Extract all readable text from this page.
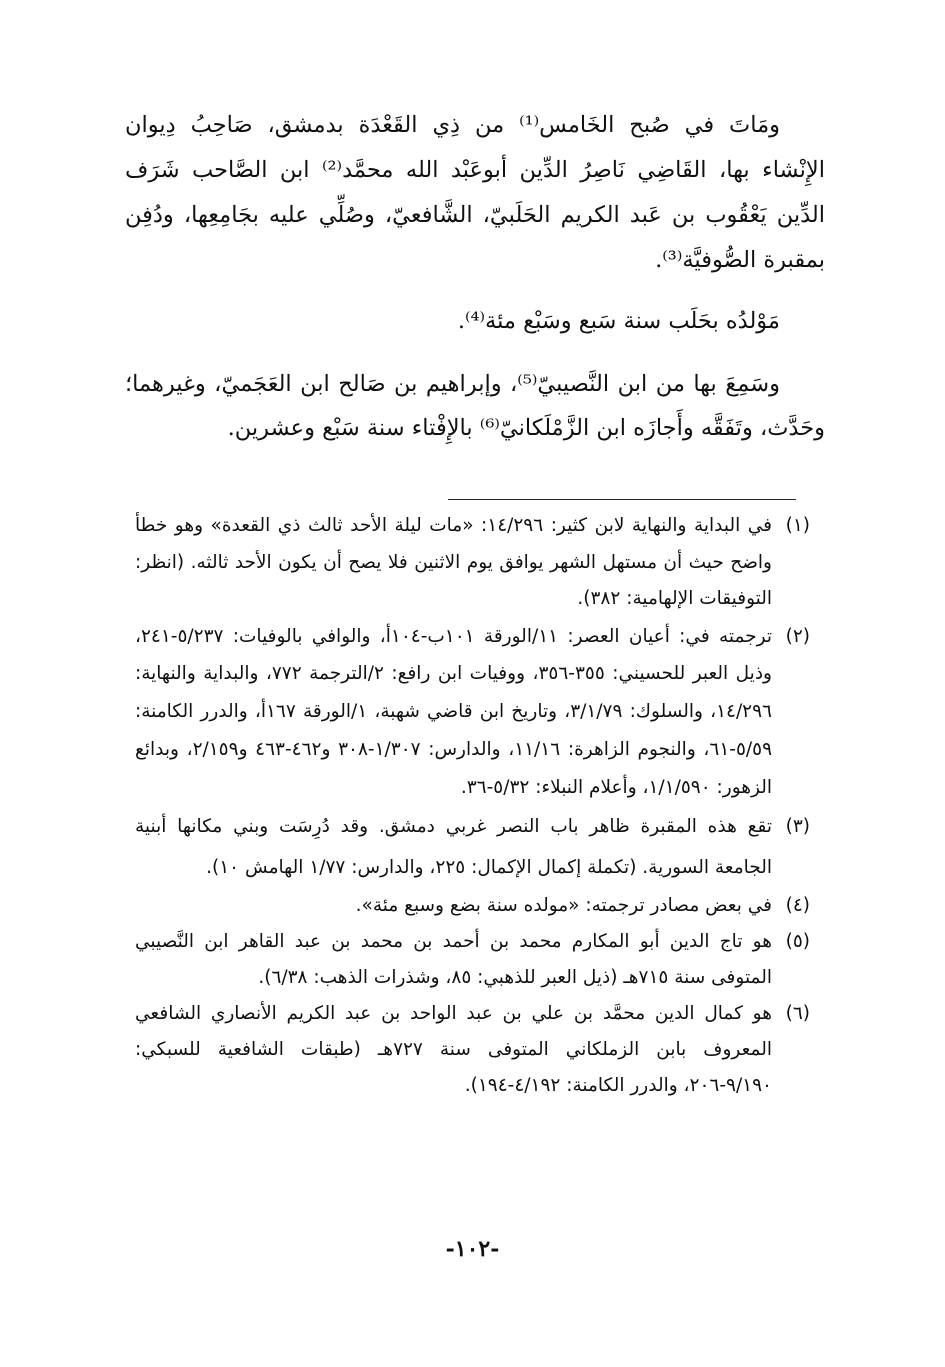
ومَاتَ في صُبح الخَامس⁽¹⁾ من ذِي القَعْدَة بدمشق، صَاحِبُ دِيوان الإِنْشاء بها، القَاضِي نَاصِرُ الدِّين أبوعَبْد الله محمَّد⁽²⁾ ابن الصَّاحب شَرَف الدِّين يَعْقُوب بن عَبد الكريم الحَلَبيّ، الشَّافعيّ، وصُلِّي عليه بجَامِعِها، ودُفِن بمقبرة الصُّوفيَّة⁽³⁾.

مَوْلدُه بحَلَب سنة سَبع وسَبْع مئة⁽⁴⁾.

وسَمِعَ بها من ابن النَّصيبيّ⁽⁵⁾، وإبراهيم بن صَالح ابن العَجَميّ، وغيرهما؛ وحَدَّث، وتَفَقَّه وأَجازَه ابن الزَّمْلَكانيّ⁽⁶⁾ بالإِفْتاء سنة سَبْع وعشرين.

(١)
في البداية والنهاية لابن كثير: ١٤/٢٩٦: «مات ليلة الأحد ثالث ذي القعدة» وهو خطأ واضح حيث أن مستهل الشهر يوافق يوم الاثنين فلا يصح أن يكون الأحد ثالثه. (انظر: التوفيقات الإلهامية: ٣٨٢).
(٢)
ترجمته في: أعيان العصر: ١١/الورقة ١٠١ب-١٠٤أ، والوافي بالوفيات: ٥/٢٣٧-٢٤١، وذيل العبر للحسيني: ٣٥٥-٣٥٦، ووفيات ابن رافع: ٢/الترجمة ٧٧٢، والبداية والنهاية: ١٤/٢٩٦، والسلوك: ٣/١/٧٩، وتاريخ ابن قاضي شهبة، ١/الورقة ١٦٧أ، والدرر الكامنة: ٥/٥٩-٦١، والنجوم الزاهرة: ١١/١٦، والدارس: ١/٣٠٧-٣٠٨ و٤٦٢-٤٦٣ و٢/١٥٩، وبدائع الزهور: ١/١/٥٩٠، وأعلام النبلاء: ٥/٣٢-٣٦.
(٣)
تقع هذه المقبرة ظاهر باب النصر غربي دمشق. وقد دُرِسَت وبني مكانها أبنية الجامعة السورية. (تكملة إكمال الإكمال: ٢٢٥، والدارس: ١/٧٧ الهامش ١٠).
(٤)
في بعض مصادر ترجمته: «مولده سنة بضع وسبع مئة».
(٥)
هو تاج الدين أبو المكارم محمد بن أحمد بن محمد بن عبد القاهر ابن النَّصيبي المتوفى سنة ٧١٥هـ (ذيل العبر للذهبي: ٨٥، وشذرات الذهب: ٦/٣٨).
(٦)
هو كمال الدين محمَّد بن علي بن عبد الواحد بن عبد الكريم الأنصاري الشافعي المعروف بابن الزملكاني المتوفى سنة ٧٢٧هـ (طبقات الشافعية للسبكي: ٩/١٩٠-٢٠٦، والدرر الكامنة: ٤/١٩٢-١٩٤).
-١٠٢-
